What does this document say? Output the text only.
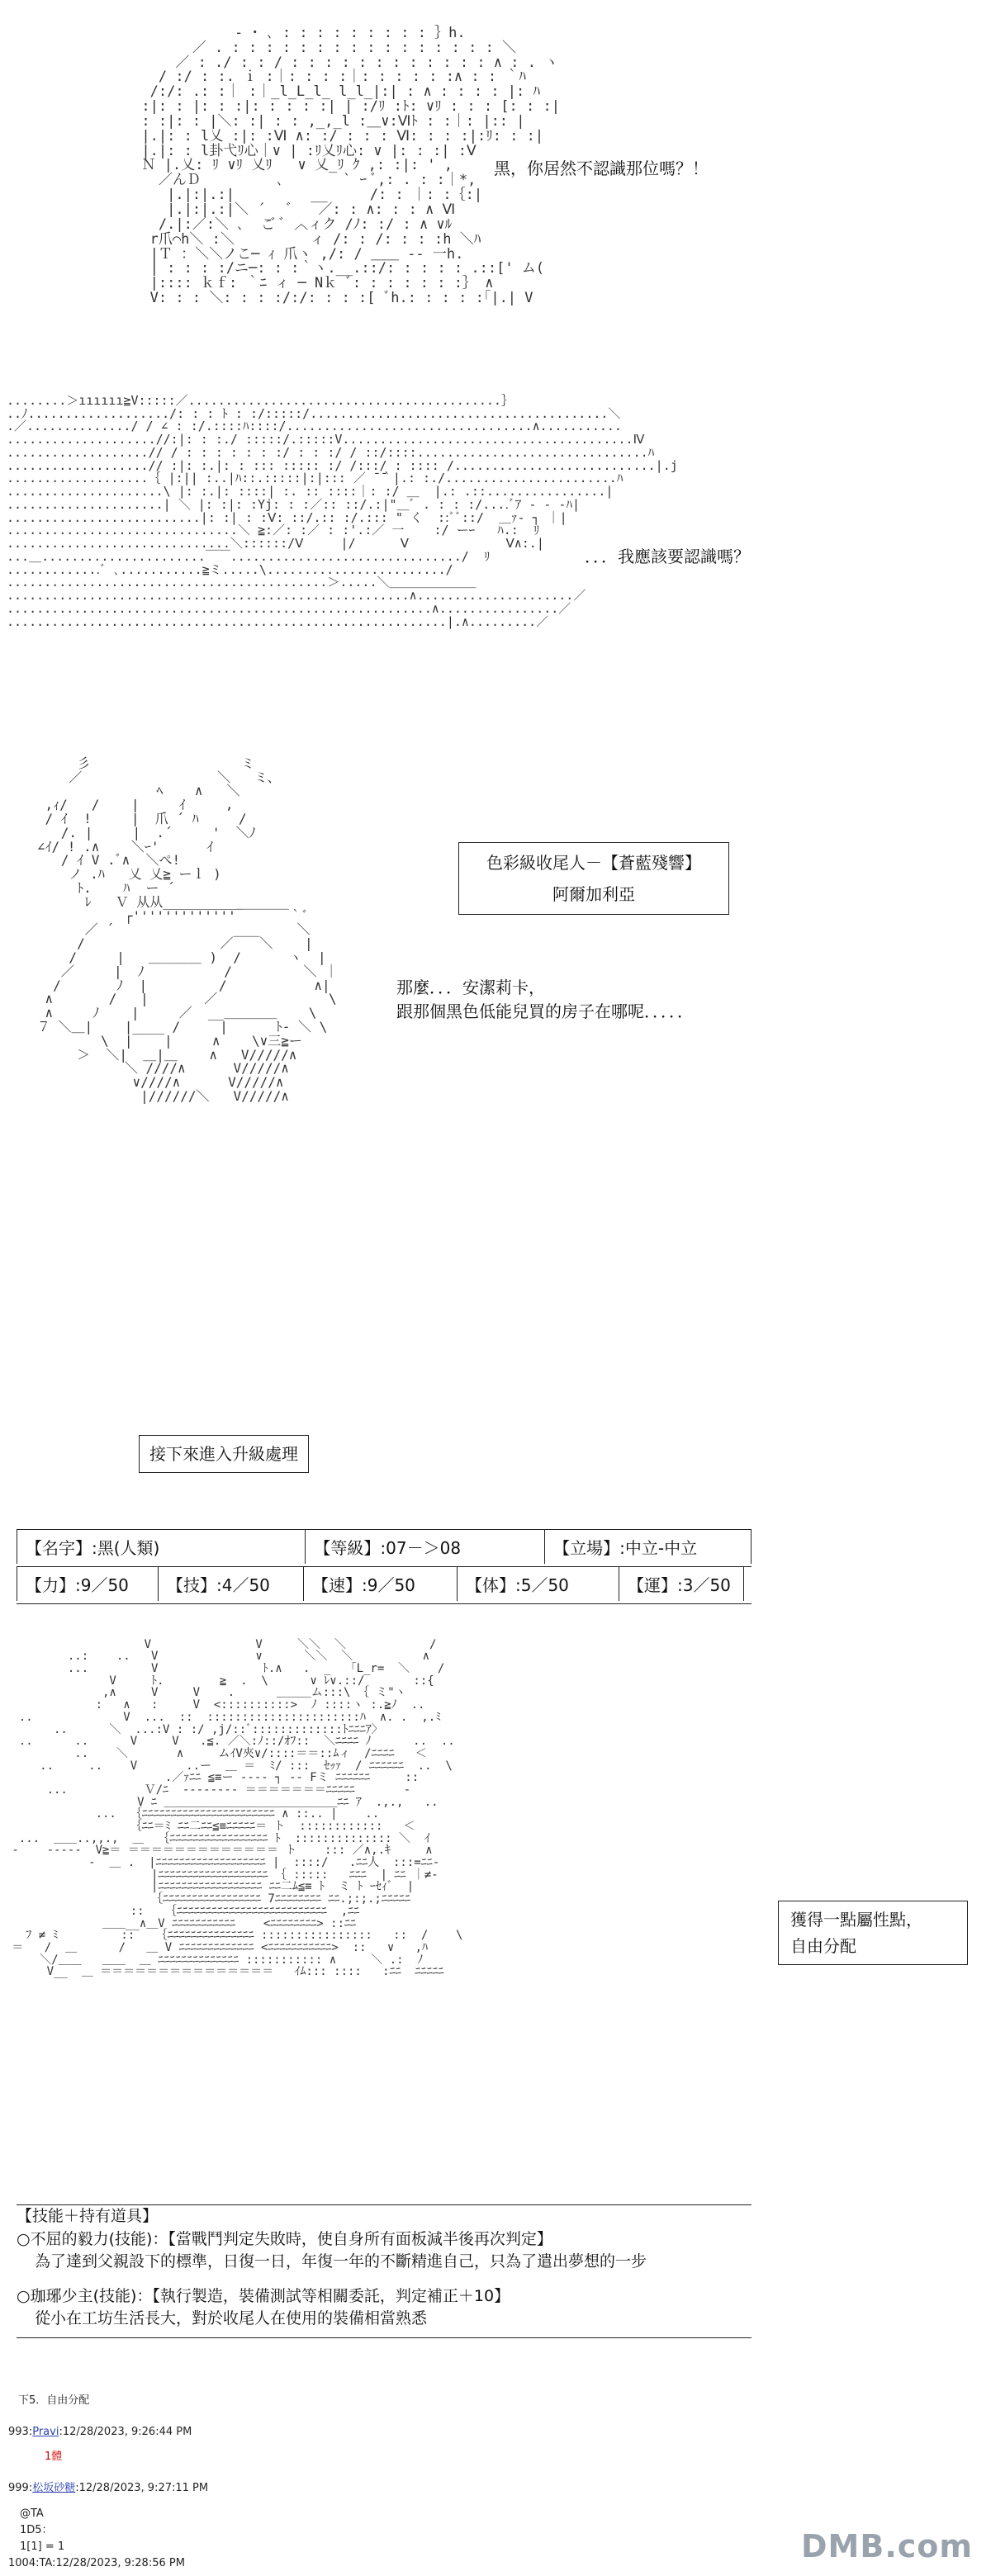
‐ ･ ､ : : : : : : : : : ｝h.
／ . : : : : : : : : : : : : : : : : ＼
／ : ./ : : / : : : : : : : : : : : : ∧ : . ヽ
/ :/ : :. ｉ :｜: : : :｜: : : : : :∧ : : ｀ﾊ
/:/: .: :｜ :｜_l_L_l_ l_l_|:| : ∧ : : : : |: ﾊ
:|: : |: : :|: : : : :| | :/ﾘ :ﾄ: ∨ﾘ : : : [: : :|
: :|: : |＼: :| : : ,_,_l :＿∨:Ⅵﾄ : :｜: |:: |
|.|: : l乂 :|: :Ⅵ ∧: :/ : : : Ⅵ: : : :|:ﾘ: : :|
|.|: : l卦弋ﾘ心｜∨ | :ﾘ乂ﾘ心: ∨ |: : :| :Ⅴ
Ｎ |.乂: ﾘ ∨ﾘ 乂ﾘ   ∨ 乂_ﾘ ｸ ,: :|: ' ,
／んＤ         ､       ` ｰ ﾞ,: . : :｜*,
|.|:|.:|         __     /: : ｜: :｛:|
|.|:|.:|＼ ´   ﾞ   ／: : ∧: : : ∧ Ⅵ
/.|:／:＼ ､  ご ﾞ ︿ィク /ﾉ: :/ : ∧ ∨ﾙ
r爪⌒h＼ :＼         ィ /: : /: : : :h ＼ﾊ
|Ｔ ：＼＼ノこ─ ｨ 爪ヽ ,/: / ＿＿ -‐ 一h.
| : : : :/ニ─: : :｀ヽ.__.::/: : : : : .::[' ム(
|:::: ｋｆ: ｀ﾆ ィ ─ Nｋ ﾞ: : : : : : :｝ ∧
V: : : ＼: : : :/:/: : : :[ ﾞh.: : : : :｢|.| V

黑，你居然不認識那位嗎？！

........＞ıııııı≧V:::::／..........................................｝
..ﾉ.................../: : : ﾄ : :/:::::/........................................＼
.／............../ / ∠ : :/.::::ﾊ::::/.................................∧...........
....................//:|: : :./ :::::/.:::::V.......................................Ⅳ
...................// / : : : : : : :/ : : :/ / ::/::::...............................ﾊ
...................// :|: :.|: : ::: ::::: :/ /:::/ : :::: /...........................|.j
...................｛ |:|| :..|ﾊ::.:::::|:|::: ／ ̄ ̄｀|.: :./.......................ﾊ
.....................\ |: :.|: ::::| :. :: ::::｜: :/ ＿  |.: .::................|
.....................| ＼ |: :|: :Yj: : :／:: ::/.:|"＿ﾞ . : : :/....ﾞｱ ‐ ‐ -ﾊ|
..........................|: :| : :Ⅴ: ::/.:: :/.::: " く  ::ﾞﾞ::/  ＿ｧ‐ ┐ ｜|
...............................＼ ≧:／: :／ : :'.:／ 一    :/ ーｰ   ﾊ.:  ﾘ
..............................＼::::::/Ⅴ     |/      Ⅴ             Ⅴ∧:.|
...＿......................￣￣.............................../  ﾘ
.............ﾞ ､...........≧ミ.....\......................../
...........................................＞.....＼＿＿＿＿＿＿＿
......................................................∧.....................／
.........................................................∧................／
...........................................................|.∧.........／

．．．我應該要認識嗎？

彡                   ミ
／                 ＼   ミ、
ﾍ    ∧   ＼
,ｨ/   /    |     ｲ     ,
/ ｲ  !     |  爪 ´ ﾊ     /
/. |     |  .´     '  ＼ﾉ
∠ｲ/ ! .∧    ＼ｰ'      ｲ
/ ｲ V .ﾞ∧  ＼ぺ!
ノ .ﾊ   乂 乂≧ ーｌ )
ﾄ.    ﾊ  ー ´
ﾚ   Ｖ 从从__________
┌'''''''''''''￣￣￣￣｀ﾞ
／ ´                       ＼
/                 ／￣￣＼    |
/     |   ＿＿＿＿ )  /      ヽ  |
／     |  ﾉ          /         ＼ ｜
/       ﾉ  |         /           ∧|
∧       /   |       ／              \
∧     ﾉ    |     ／  __＿＿＿＿    \
７ ＼＿|    |____ /     |      ﾄ‐ ＼ \
\  |    |     ∧    \∨三≧ー
＞  ＼|  ＿|＿    ∧   V/////∧
＼ ////∧      V/////∧
∨////∧      V/////∧
|//////＼   V/////∧

色彩級收尾人－【蒼藍殘響】
阿爾加利亞
那麼．．．安潔莉卡，
跟那個黑色低能兒買的房子在哪呢．．．．．
接下來進入升級處理
【名字】:黑(人類)	【等級】:07－＞08	【立場】:中立-中立
【力】:9／50	【技】:4／50	【速】:9／50	【体】:5／50	【運】:3／50

V               V     ＼＼  ＼            /
..:    ..   V              ∨      ＼＼  ＼          ∧
...         V               ﾄ.∧   .  _  「L_r=  ＼    /
V     ﾄ.        ≧  .  \      ∨ ﾚ∨.::/       ::{
,∧     V     V    .      ＿＿＿ム:::\ ｛ ミ"ヽ
:   ∧   :     V  <::::::::::>  ﾉ ::::ヽ :.≧ﾉ  ..
..             V  ...  ::  ::::::::::::::::::::::ﾊ  ∧. .  ,.ﾐ
..      ＼  ...:V : :/ ,j/::ﾞ:::::::::::::ﾄﾆﾆﾆｱ〉
..      ..      V     V   .≦. ／＼:ﾉ::/ｵﾌ::  ＼ﾆﾆﾆﾆ ﾉ      ..  ..
..    ＼       ∧     ムｲV夾∨/::::＝＝::ﾑィ  /ﾆﾆﾆﾆ   ＜
..     ..    V       ..ー  ＿ ＝  ﾐ/ :::  ｾｯｧ  / ﾆﾆﾆﾆﾆﾆ  ..  \
.／ｧﾆﾆ ≦≡ー ‐‐‐‐ ┐ ‐‐ Fミ ﾆﾆﾆﾆﾆﾆ     ::
...           Ｖ/ﾆ  ‐‐‐‐‐‐‐‐ ＝＝＝＝＝＝＝ﾆﾆﾆﾆﾆ       ‐
V ﾆ ＿＿＿＿＿＿＿＿＿＿＿＿＿＿＿ﾆﾆ ｱ  .,.,   ..
...  ｛ﾆﾆﾆﾆﾆﾆﾆﾆﾆﾆﾆﾆﾆﾆﾆﾆﾆﾆﾆﾆﾆﾆﾆ ∧ ::.. |    ..
｛ﾆﾆ＝ﾐ ﾆﾆ二ﾆﾆ≦≡ﾆﾆﾆﾆﾆ＝ ト  ::::::::::::   ＜
...  ＿＿..,,.,  ＿  ｛ﾆﾆﾆﾆﾆﾆﾆﾆﾆﾆﾆﾆﾆﾆﾆﾆﾆ ﾄ  :::::::::::::: ＼  ｲ
‐    ‐‐‐‐‐  V≧＝ ＝＝＝＝＝＝＝＝＝＝＝＝＝ ト    ::: ／∧,.ｷ     ∧
‐  ＿ .  |ﾆﾆﾆﾆﾆﾆﾆﾆﾆﾆﾆﾆﾆﾆﾆﾆﾆﾆﾆ |  ::::/   .ﾆﾆ人  :::=ﾆﾆ-
|ﾆﾆﾆﾆﾆﾆﾆﾆﾆﾆﾆﾆﾆﾆﾆﾆﾆﾆﾆ ｛ :::::   ﾆﾆﾆ  | ﾆﾆ ｜≠-
|ﾆﾆﾆﾆﾆﾆﾆﾆﾆﾆﾆﾆﾆﾆﾆﾆﾆﾆ ﾆﾆ二ﾑ≦≡ ﾄ  ミ ﾄ ｰｾｨﾞ  |
｛ﾆﾆﾆﾆﾆﾆﾆﾆﾆﾆﾆﾆﾆﾆﾆﾆﾆ 7ﾆﾆﾆﾆﾆﾆﾆﾆ ﾆﾆ.;:;.;ﾆﾆﾆﾆﾆ
::   ｛ﾆﾆﾆﾆﾆﾆﾆﾆﾆﾆﾆﾆﾆﾆﾆﾆﾆﾆﾆﾆﾆﾆﾆﾆﾆﾆ  ,ﾆﾆ
＿＿__∧＿V ﾆﾆﾆﾆﾆﾆﾆﾆﾆﾆﾆ    <ﾆﾆﾆﾆﾆﾆﾆﾆ> ::ﾆﾆ
ﾌ ≠ ﾐ         ::   ｛ﾆﾆﾆﾆﾆﾆﾆﾆﾆﾆﾆﾆﾆﾆﾆ ::::::::::::::::   ::  /    \
＝   /  ＿      /   ＿ V ﾆﾆﾆﾆﾆﾆﾆﾆﾆﾆﾆﾆﾆ <ﾆﾆﾆﾆﾆﾆﾆﾆﾆﾆﾆ>  ::   ∨   ,ﾊ
＼/＿＿   ＿＿  ＿ ﾆﾆﾆﾆﾆﾆﾆﾆﾆﾆﾆﾆﾆﾆ ::::::::::: ∧     ＼ .:  ﾉ
V__  ＿ ＝＝＝＝＝＝＝＝＝＝＝＝＝＝＝   ｲﾑ::: ::::   :ﾆﾆ  ﾆﾆﾆﾆﾆ

獲得一點屬性點，
自由分配
【技能＋持有道具】
○不屈的毅力(技能)：【當戰鬥判定失敗時，使自身所有面板減半後再次判定】
為了達到父親設下的標準，日復一日，年復一年的不斷精進自己，只為了遣出夢想的一步
○珈琊少主(技能)：【執行製造，裝備測試等相關委託，判定補正＋10】
從小在工坊生活長大，對於收尾人在使用的裝備相當熟悉
下5．自由分配
993:Pravi:12/28/2023, 9:26:44 PM
1體
999:松坂砂糖:12/28/2023, 9:27:11 PM
@TA
1D5：
1[1] = 1
1004:TA:12/28/2023, 9:28:56 PM	DMB.com
